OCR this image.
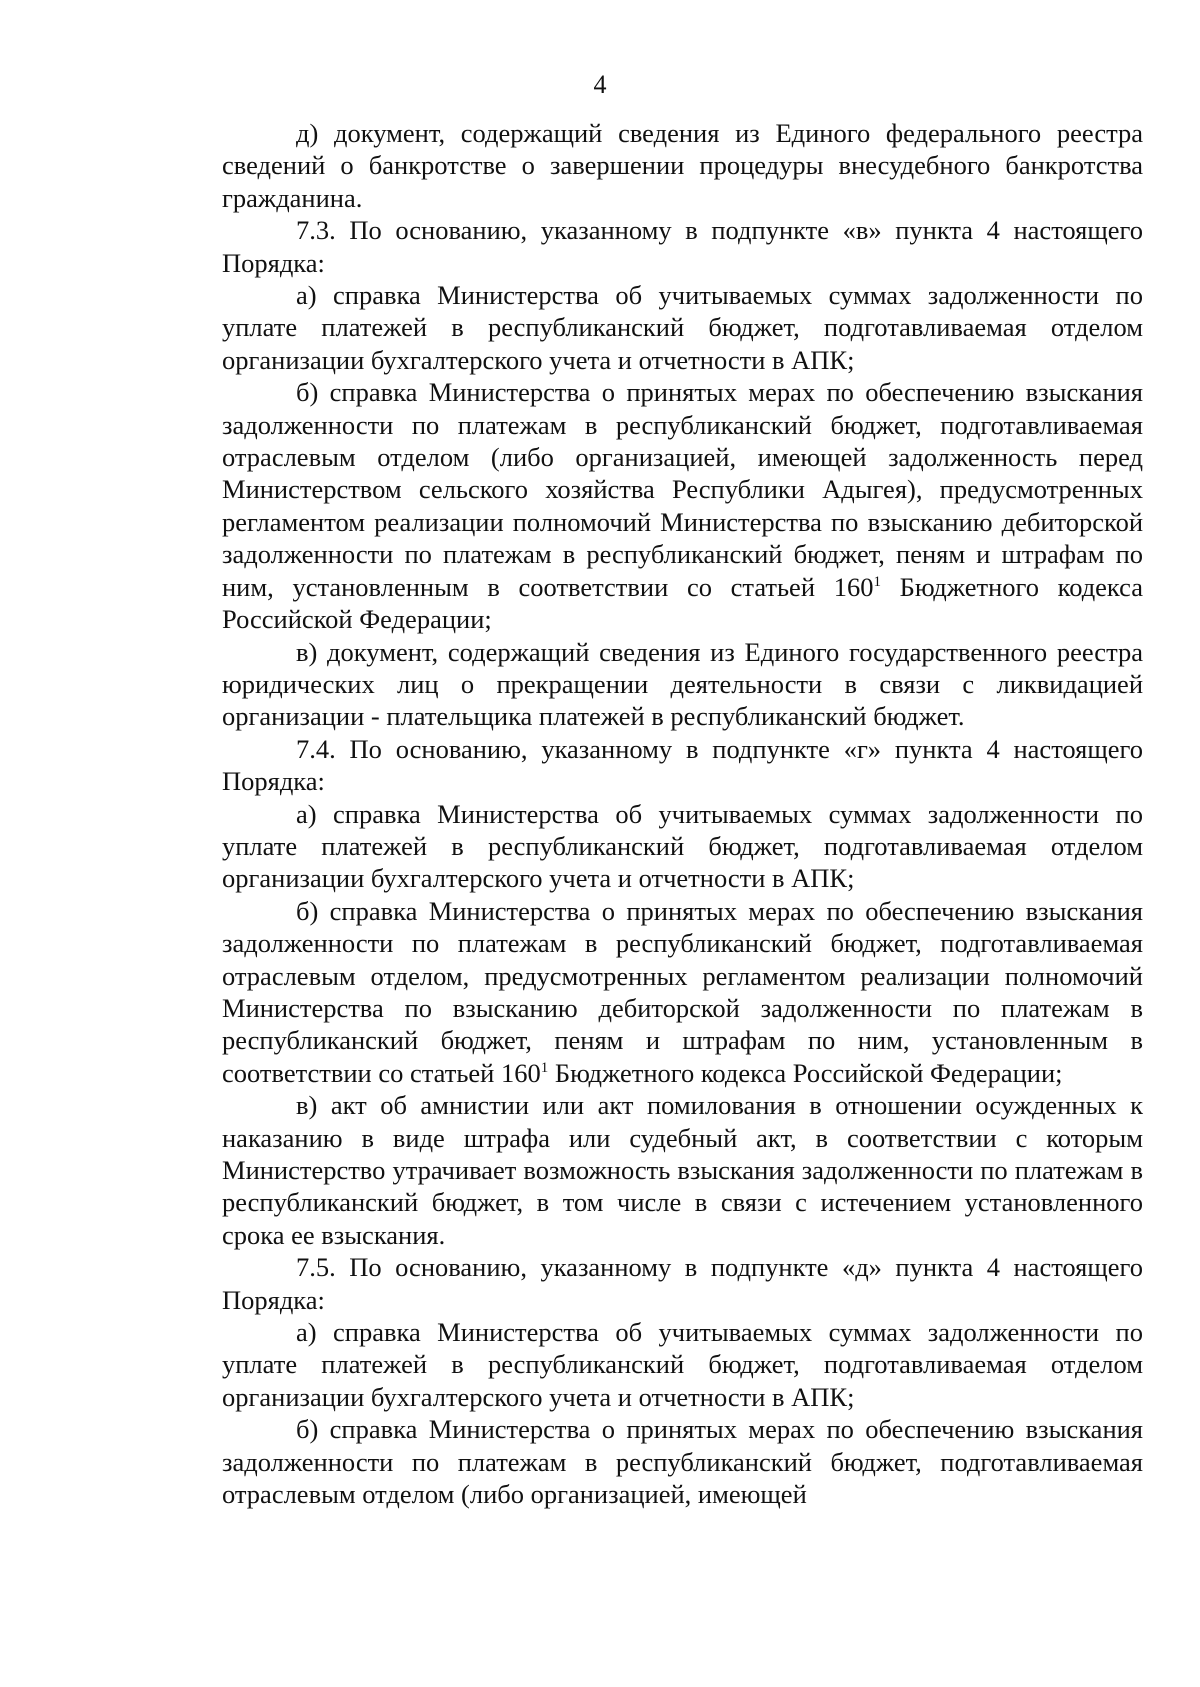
4

д) документ, содержащий сведения из Единого федерального реестра сведений о банкротстве о завершении процедуры внесудебного банкротства гражданина.

7.3. По основанию, указанному в подпункте «в» пункта 4 настоящего Порядка:

а) справка Министерства об учитываемых суммах задолженности по уплате платежей в республиканский бюджет, подготавливаемая отделом организации бухгалтерского учета и отчетности в АПК;

б) справка Министерства о принятых мерах по обеспечению взыскания задолженности по платежам в республиканский бюджет, подготавливаемая отраслевым отделом (либо организацией, имеющей задолженность перед Министерством сельского хозяйства Республики Адыгея), предусмотренных регламентом реализации полномочий Министерства по взысканию дебиторской задолженности по платежам в республиканский бюджет, пеням и штрафам по ним, установленным в соответствии со статьей $160^1$ Бюджетного кодекса Российской Федерации;

в) документ, содержащий сведения из Единого государственного реестра юридических лиц о прекращении деятельности в связи с ликвидацией организации - плательщика платежей в республиканский бюджет.

7.4. По основанию, указанному в подпункте «г» пункта 4 настоящего Порядка:

а) справка Министерства об учитываемых суммах задолженности по уплате платежей в республиканский бюджет, подготавливаемая отделом организации бухгалтерского учета и отчетности в АПК;

б) справка Министерства о принятых мерах по обеспечению взыскания задолженности по платежам в республиканский бюджет, подготавливаемая отраслевым отделом, предусмотренных регламентом реализации полномочий Министерства по взысканию дебиторской задолженности по платежам в республиканский бюджет, пеням и штрафам по ним, установленным в соответствии со статьей $160^1$ Бюджетного кодекса Российской Федерации;

в) акт об амнистии или акт помилования в отношении осужденных к наказанию в виде штрафа или судебный акт, в соответствии с которым Министерство утрачивает возможность взыскания задолженности по платежам в республиканский бюджет, в том числе в связи с истечением установленного срока ее взыскания.

7.5. По основанию, указанному в подпункте «д» пункта 4 настоящего Порядка:

а) справка Министерства об учитываемых суммах задолженности по уплате платежей в республиканский бюджет, подготавливаемая отделом организации бухгалтерского учета и отчетности в АПК;

б) справка Министерства о принятых мерах по обеспечению взыскания задолженности по платежам в республиканский бюджет, подготавливаемая отраслевым отделом (либо организацией, имеющей
